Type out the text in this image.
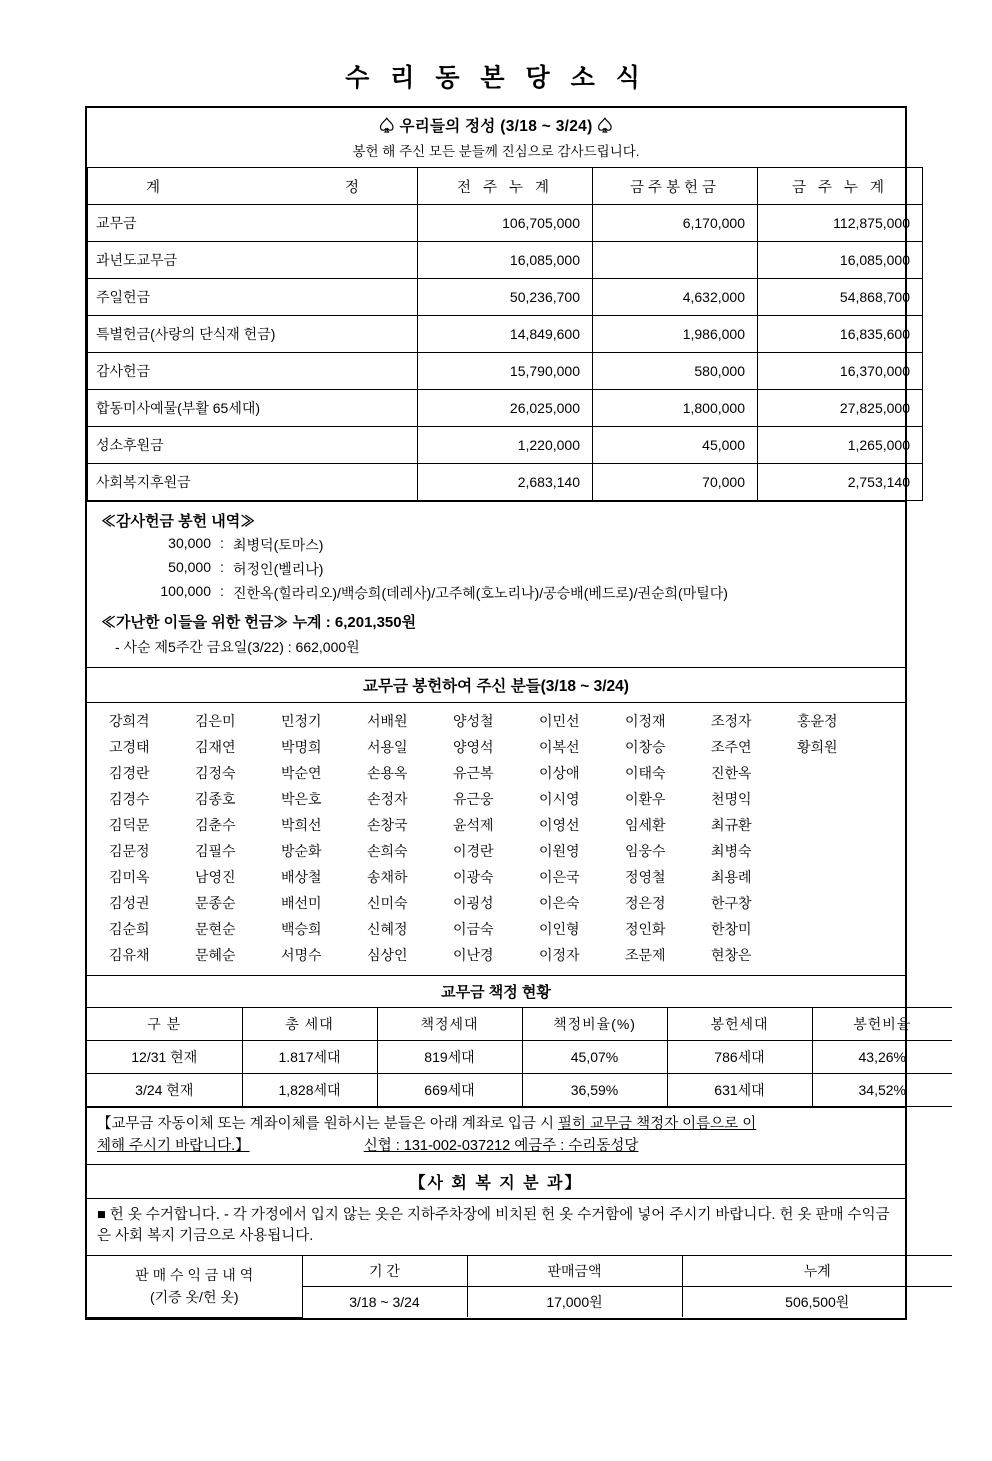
수 리 동 본 당 소 식
♤ 우리들의 정성 (3/18 ~ 3/24) ♤
봉헌 해 주신 모든 분들께 진심으로 감사드립니다.
계 정	전 주 누 계	금주봉헌금	금 주 누 계
교무금	106,705,000	6,170,000	112,875,000
과년도교무금	16,085,000		16,085,000
주일헌금	50,236,700	4,632,000	54,868,700
특별헌금(사랑의 단식재 헌금)	14,849,600	1,986,000	16,835,600
감사헌금	15,790,000	580,000	16,370,000
합동미사예물(부활 65세대)	26,025,000	1,800,000	27,825,000
성소후원금	1,220,000	45,000	1,265,000
사회복지후원금	2,683,140	70,000	2,753,140
≪감사헌금 봉헌 내역≫
30,000 : 최병덕(토마스)
50,000 : 허정인(벨리나)
100,000 : 진한옥(힐라리오)/백승희(데레사)/고주혜(호노리나)/공승배(베드로)/권순희(마틸다)
≪가난한 이들을 위한 헌금≫ 누계 : 6,201,350원
- 사순 제5주간 금요일(3/22) : 662,000원
교무금 봉헌하여 주신 분들(3/18 ~ 3/24)
강희격	김은미	민정기	서배원	양성철	이민선	이정재	조정자	홍윤정
고경태	김재연	박명희	서용일	양영석	이복선	이창승	조주연	황희원
김경란	김정숙	박순연	손용옥	유근복	이상애	이태숙	진한옥
김경수	김종호	박은호	손정자	유근웅	이시영	이환우	천명익
김덕문	김춘수	박희선	손창국	윤석제	이영선	임세환	최규환
김문정	김필수	방순화	손희숙	이경란	이원영	임웅수	최병숙
김미옥	남영진	배상철	송채하	이광숙	이은국	정영철	최용례
김성권	문종순	배선미	신미숙	이굉성	이은숙	정은정	한구창
김순희	문현순	백승희	신혜정	이금숙	이인형	정인화	한창미
김유채	문혜순	서명수	심상인	이난경	이정자	조문제	현창은
교무금 책정 현황
구 분	총 세대	책정세대	책정비율(%)	봉헌세대	봉헌비율
12/31 현재	1.817세대	819세대	45,07%	786세대	43,26%
3/24 현재	1,828세대	669세대	36,59%	631세대	34,52%
【교무금 자동이체 또는 계좌이체를 원하시는 분들은 아래 계좌로 입금 시 필히 교무금 책정자 이름으로 이
체해 주시기 바랍니다.】	신협 : 131-002-037212 예금주 : 수리동성당
【사 회 복 지 분 과】
■ 헌 옷 수거합니다. - 각 가정에서 입지 않는 옷은 지하주차장에 비치된 헌 옷 수거함에 넣어 주시기 바랍니다. 헌 옷 판매 수익금은 사회 복지 기금으로 사용됩니다.
판 매 수 익 금 내 역
(기증 옷/헌 옷)	기 간	판매금액	누계
	3/18 ~ 3/24	17,000원	506,500원
